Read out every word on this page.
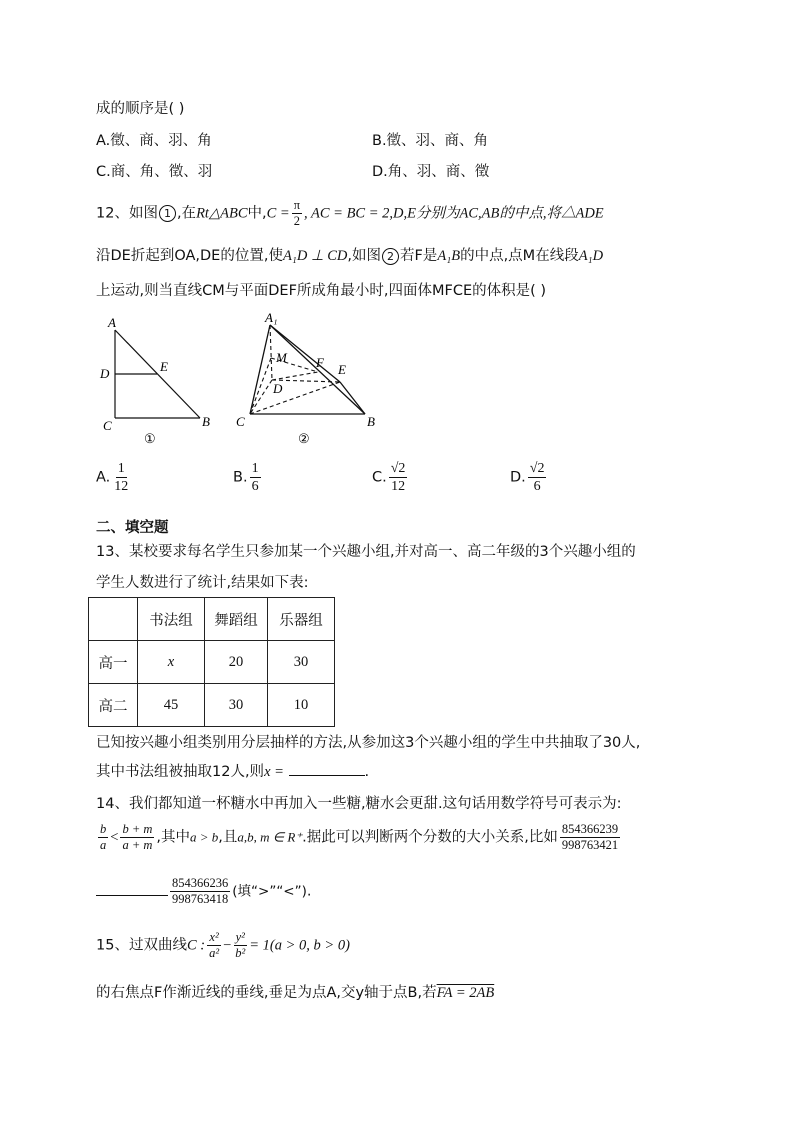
成的顺序是( )
A.徵、商、羽、角	B.徵、羽、商、角
C.商、角、徵、羽	D.角、羽、商、徵
12、如图 1 ,在Rt△ABC中$,C = \frac{\pi}{2}$ , AC = BC = 2,D,E分别为AC,AB的中点,将△ADE
沿DE折起到OA,DE的位置,使A₁D ⊥ CD,如图 2 若F是A₁B的中点,点M在线段A₁D
上运动,则当直线CM与平面DEF所成角最小时,四面体MFCE的体积是( )
A
D	E
C	B
①
A₁
M F E
D
C	B
②
A. $\frac{1}{12}$	B. $\frac{1}{6}$	C. $\frac{√2}{12}$	D. $\frac{√2}{6}$
二、填空题
13、某校要求每名学生只参加某一个兴趣小组,并对高一、高二年级的3个兴趣小组的
学生人数进行了统计,结果如下表:
	书法组	舞蹈组	乐器组
高一	x	20	30
高二	45	30	10
已知按兴趣小组类别用分层抽样的方法,从参加这3个兴趣小组的学生中共抽取了30人,
其中书法组被抽取12人,则x =	.
14、我们都知道一杯糖水中再加入一些糖,糖水会更甜.这句话用数学符号可表示为:
$\frac{b}{a} < \frac{b + m}{a + m}$ ,其中a > b,且a,b, m ∈ R⁺.据此可以判断两个分数的大小关系,比如 $\frac{854366239}{998763421}$
$\frac{854366236}{998763418}$ (填“>”“<”).
15、过双曲线C : $\frac{\text{x²}}{\text{a²}} - \frac{\text{y²}}{\text{b²}} = 1(a > 0$, b > 0)
的右焦点F作渐近线的垂线,垂足为点A,交y轴于点B,若FA = 2AB
